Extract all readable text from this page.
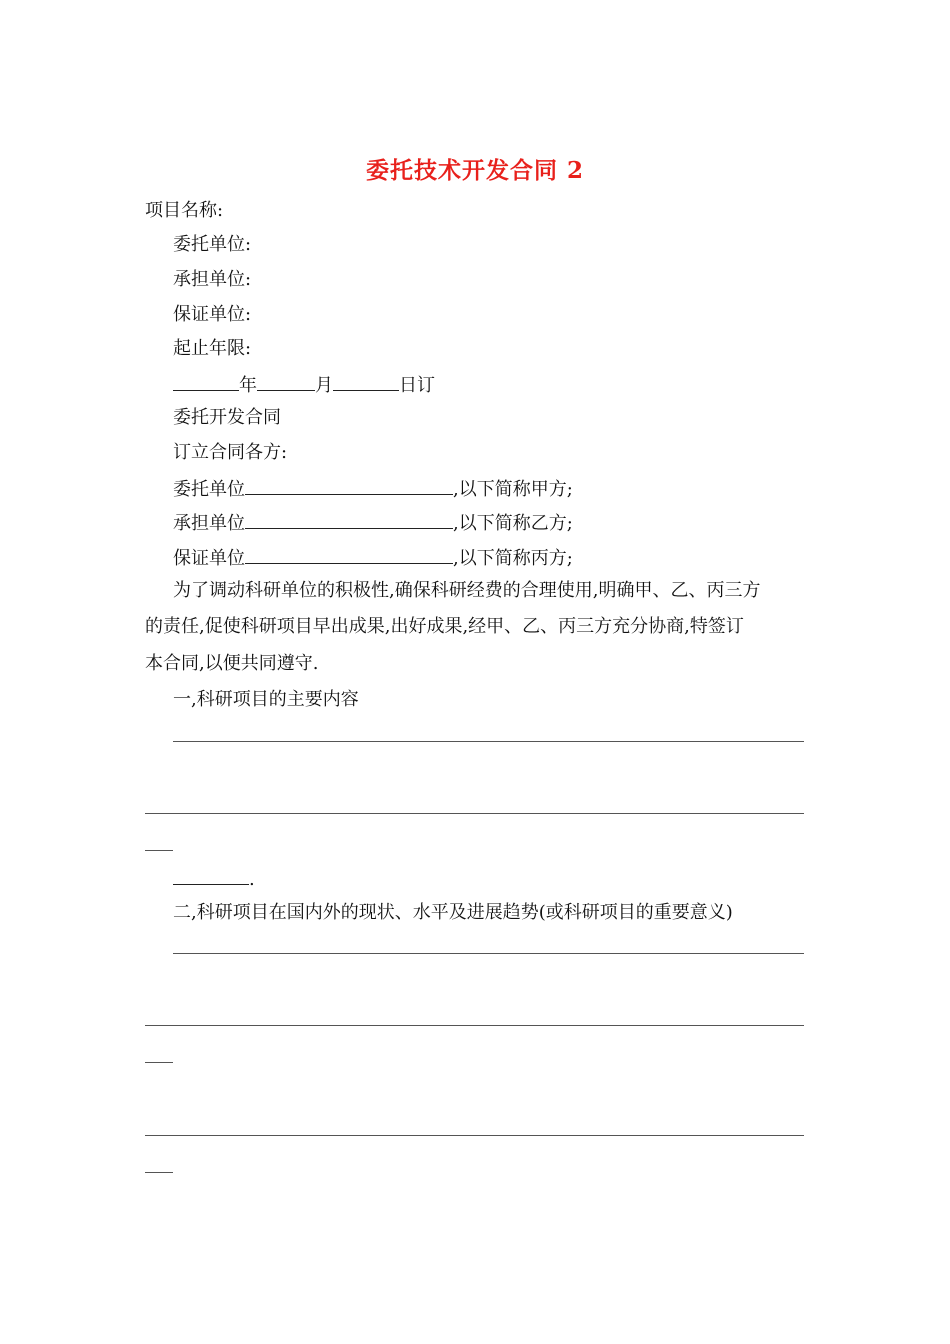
委托技术开发合同 2
项目名称:
委托单位:
承担单位:
保证单位:
起止年限:
年	月	日订
委托开发合同
订立合同各方:
委托单位	,以下简称甲方;
承担单位	,以下简称乙方;
保证单位	,以下简称丙方;
为了调动科研单位的积极性,确保科研经费的合理使用,明确甲、乙、丙三方
的责任,促使科研项目早出成果,出好成果,经甲、乙、丙三方充分协商,特签订
本合同,以便共同遵守.
一,科研项目的主要内容
.
二,科研项目在国内外的现状、水平及进展趋势(或科研项目的重要意义)
